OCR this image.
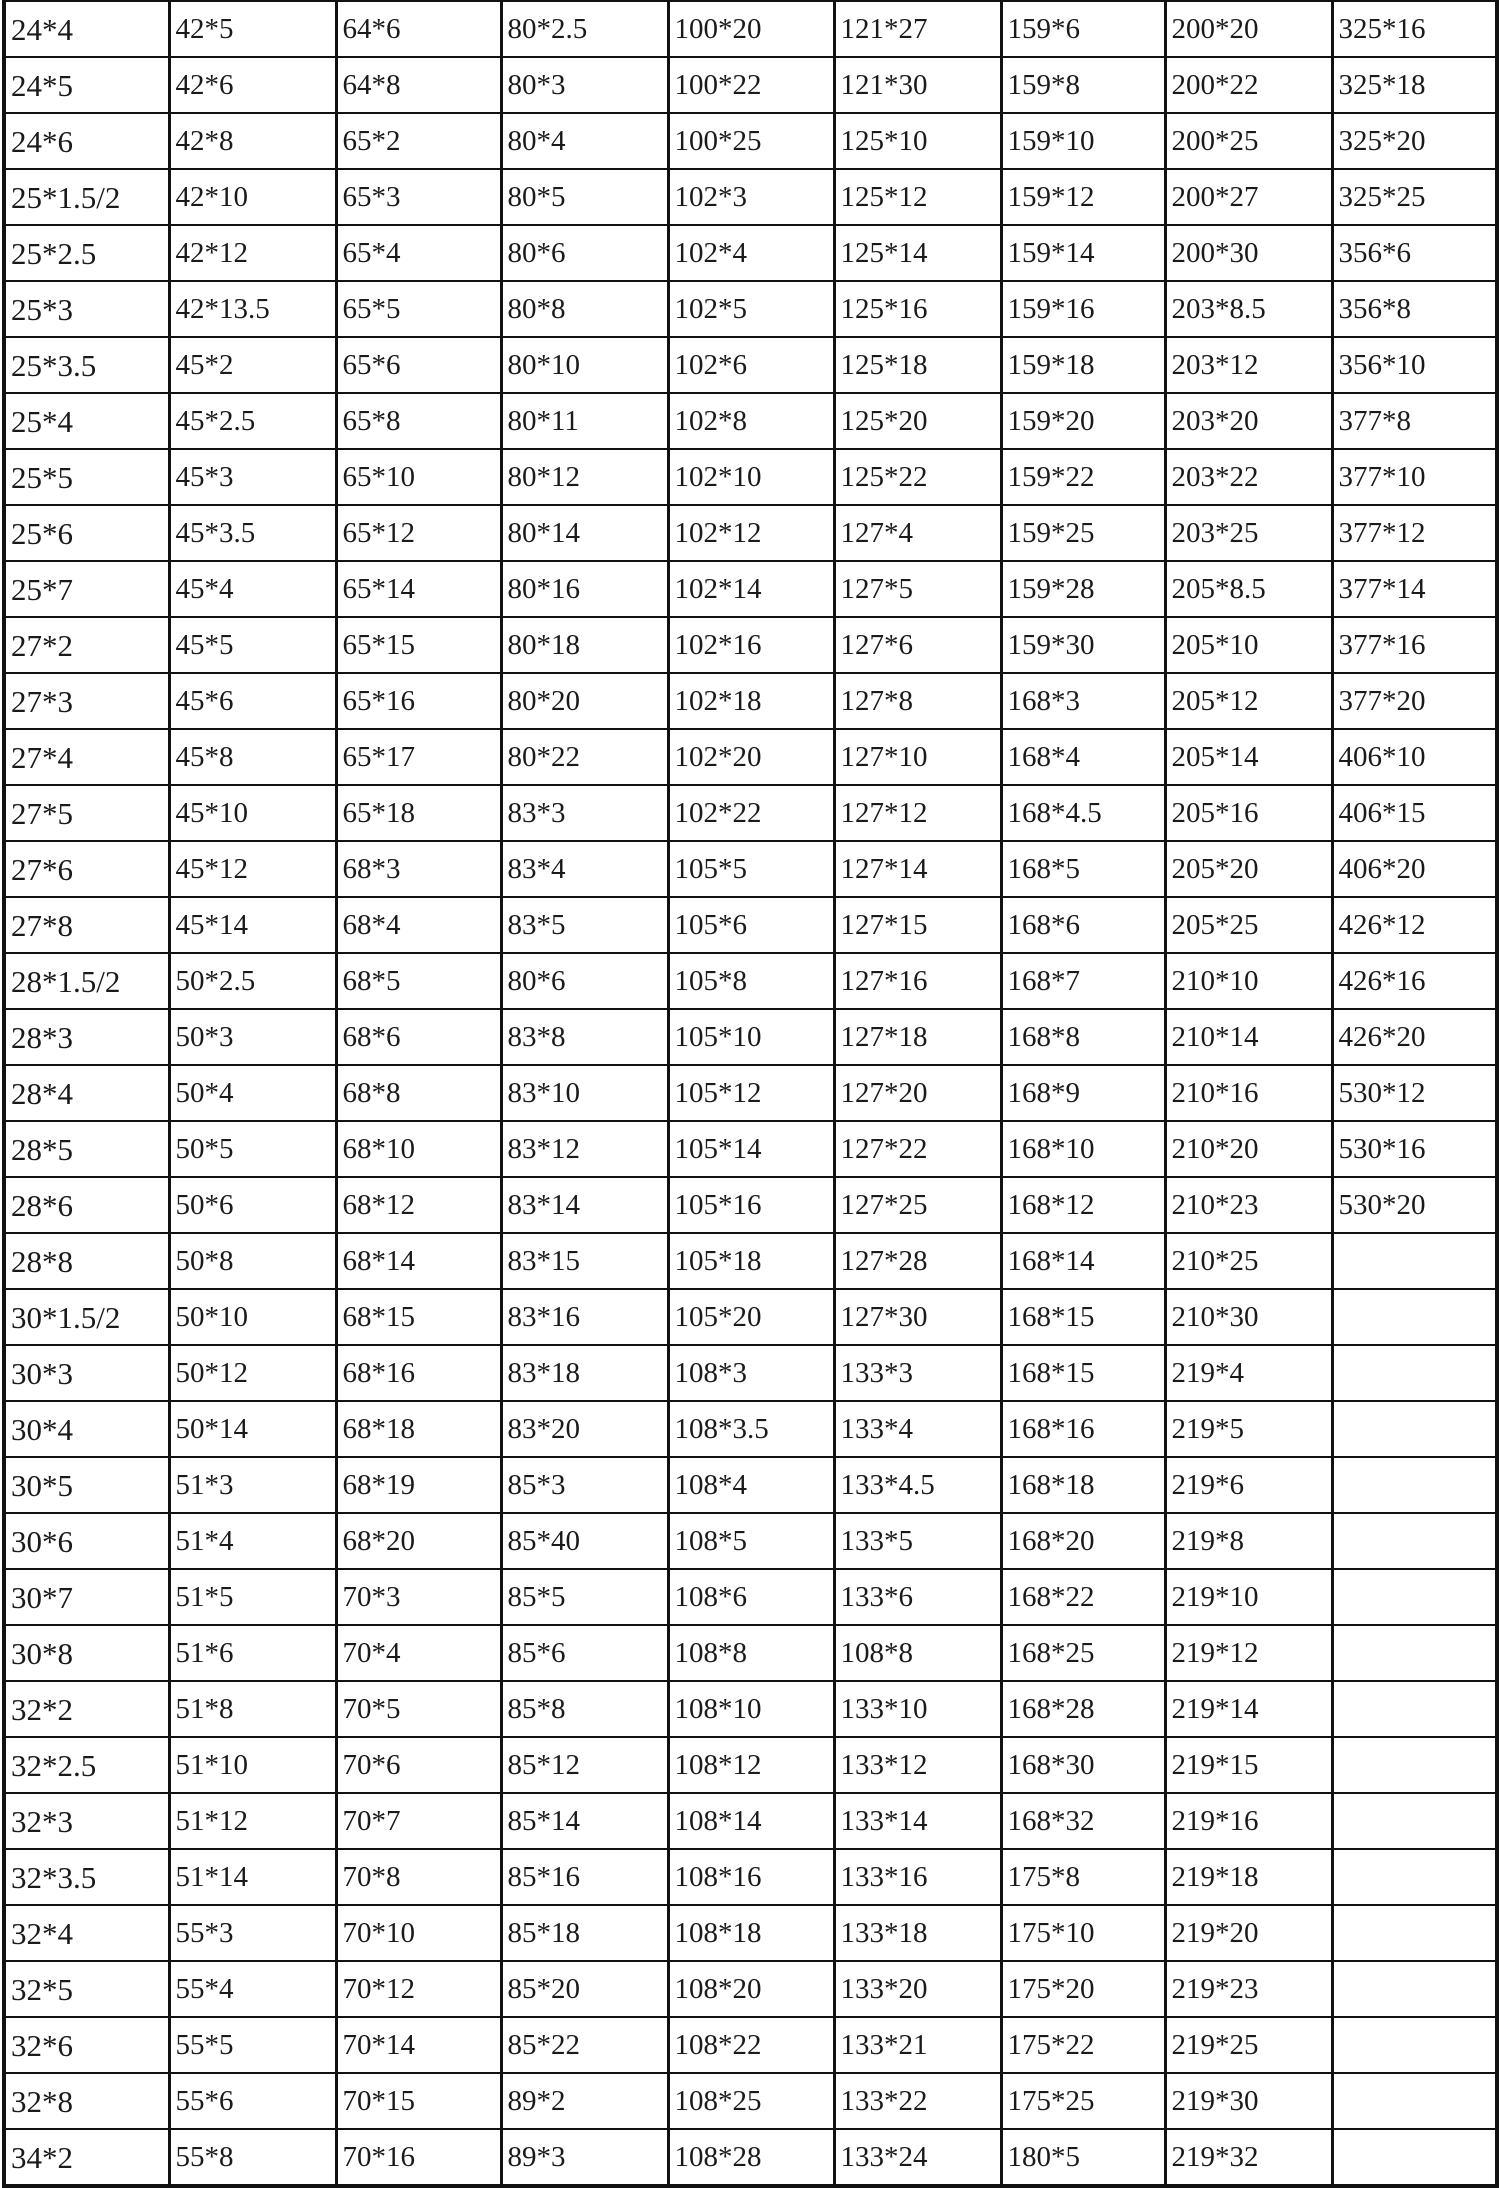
24*4	42*5	64*6	80*2.5	100*20	121*27	159*6	200*20	325*16
24*5	42*6	64*8	80*3	100*22	121*30	159*8	200*22	325*18
24*6	42*8	65*2	80*4	100*25	125*10	159*10	200*25	325*20
25*1.5/2	42*10	65*3	80*5	102*3	125*12	159*12	200*27	325*25
25*2.5	42*12	65*4	80*6	102*4	125*14	159*14	200*30	356*6
25*3	42*13.5	65*5	80*8	102*5	125*16	159*16	203*8.5	356*8
25*3.5	45*2	65*6	80*10	102*6	125*18	159*18	203*12	356*10
25*4	45*2.5	65*8	80*11	102*8	125*20	159*20	203*20	377*8
25*5	45*3	65*10	80*12	102*10	125*22	159*22	203*22	377*10
25*6	45*3.5	65*12	80*14	102*12	127*4	159*25	203*25	377*12
25*7	45*4	65*14	80*16	102*14	127*5	159*28	205*8.5	377*14
27*2	45*5	65*15	80*18	102*16	127*6	159*30	205*10	377*16
27*3	45*6	65*16	80*20	102*18	127*8	168*3	205*12	377*20
27*4	45*8	65*17	80*22	102*20	127*10	168*4	205*14	406*10
27*5	45*10	65*18	83*3	102*22	127*12	168*4.5	205*16	406*15
27*6	45*12	68*3	83*4	105*5	127*14	168*5	205*20	406*20
27*8	45*14	68*4	83*5	105*6	127*15	168*6	205*25	426*12
28*1.5/2	50*2.5	68*5	80*6	105*8	127*16	168*7	210*10	426*16
28*3	50*3	68*6	83*8	105*10	127*18	168*8	210*14	426*20
28*4	50*4	68*8	83*10	105*12	127*20	168*9	210*16	530*12
28*5	50*5	68*10	83*12	105*14	127*22	168*10	210*20	530*16
28*6	50*6	68*12	83*14	105*16	127*25	168*12	210*23	530*20
28*8	50*8	68*14	83*15	105*18	127*28	168*14	210*25	
30*1.5/2	50*10	68*15	83*16	105*20	127*30	168*15	210*30	
30*3	50*12	68*16	83*18	108*3	133*3	168*15	219*4	
30*4	50*14	68*18	83*20	108*3.5	133*4	168*16	219*5	
30*5	51*3	68*19	85*3	108*4	133*4.5	168*18	219*6	
30*6	51*4	68*20	85*40	108*5	133*5	168*20	219*8	
30*7	51*5	70*3	85*5	108*6	133*6	168*22	219*10	
30*8	51*6	70*4	85*6	108*8	108*8	168*25	219*12	
32*2	51*8	70*5	85*8	108*10	133*10	168*28	219*14	
32*2.5	51*10	70*6	85*12	108*12	133*12	168*30	219*15	
32*3	51*12	70*7	85*14	108*14	133*14	168*32	219*16	
32*3.5	51*14	70*8	85*16	108*16	133*16	175*8	219*18	
32*4	55*3	70*10	85*18	108*18	133*18	175*10	219*20	
32*5	55*4	70*12	85*20	108*20	133*20	175*20	219*23	
32*6	55*5	70*14	85*22	108*22	133*21	175*22	219*25	
32*8	55*6	70*15	89*2	108*25	133*22	175*25	219*30	
34*2	55*8	70*16	89*3	108*28	133*24	180*5	219*32	
